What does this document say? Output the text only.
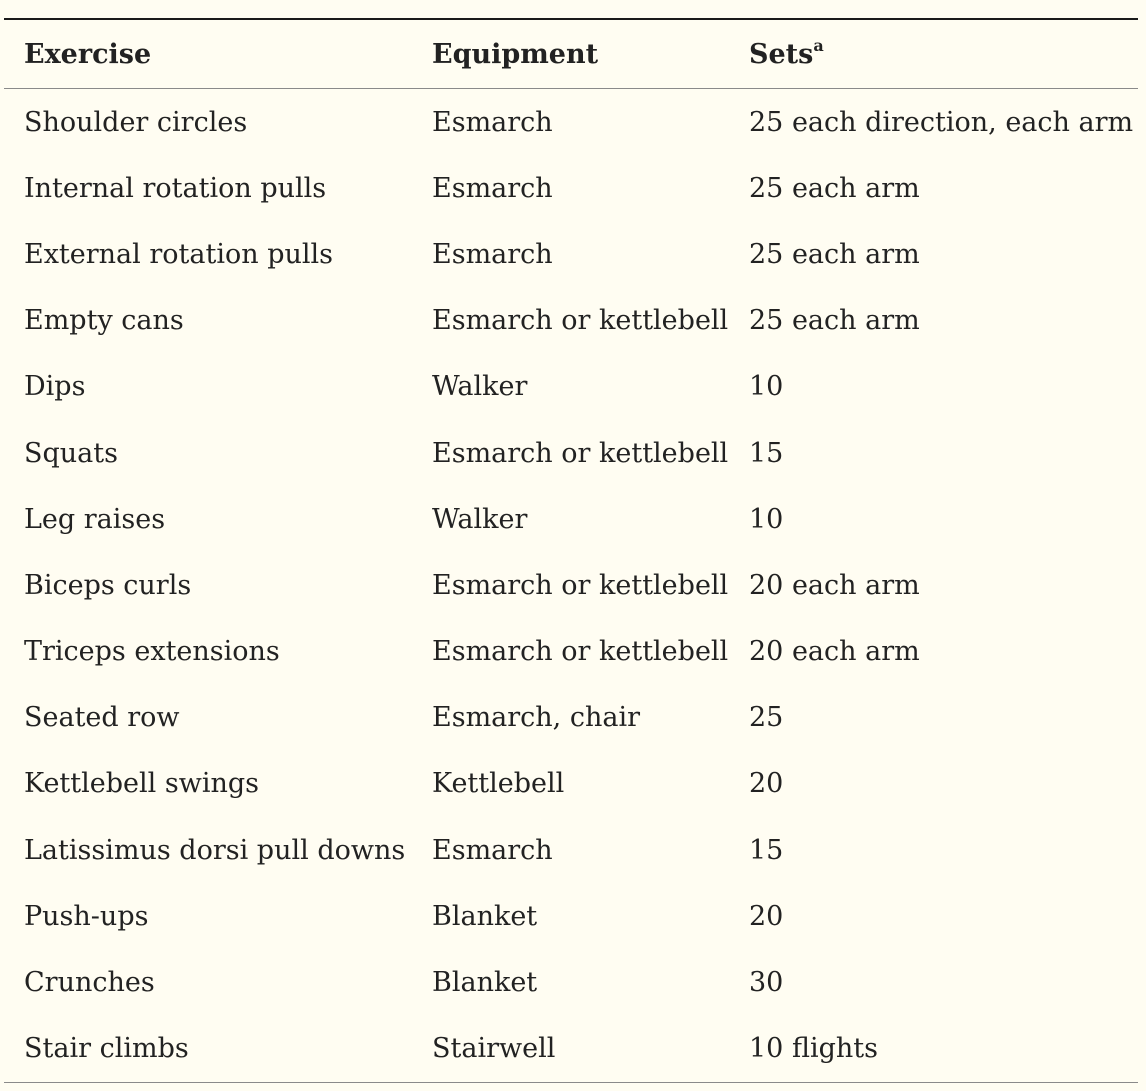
Exercise	Equipment	Sets$^a$
Shoulder circles	Esmarch	25 each direction, each arm
Internal rotation pulls	Esmarch	25 each arm
External rotation pulls	Esmarch	25 each arm
Empty cans	Esmarch or kettlebell	25 each arm
Dips	Walker	10
Squats	Esmarch or kettlebell	15
Leg raises	Walker	10
Biceps curls	Esmarch or kettlebell	20 each arm
Triceps extensions	Esmarch or kettlebell	20 each arm
Seated row	Esmarch, chair	25
Kettlebell swings	Kettlebell	20
Latissimus dorsi pull downs	Esmarch	15
Push-ups	Blanket	20
Crunches	Blanket	30
Stair climbs	Stairwell	10 flights
